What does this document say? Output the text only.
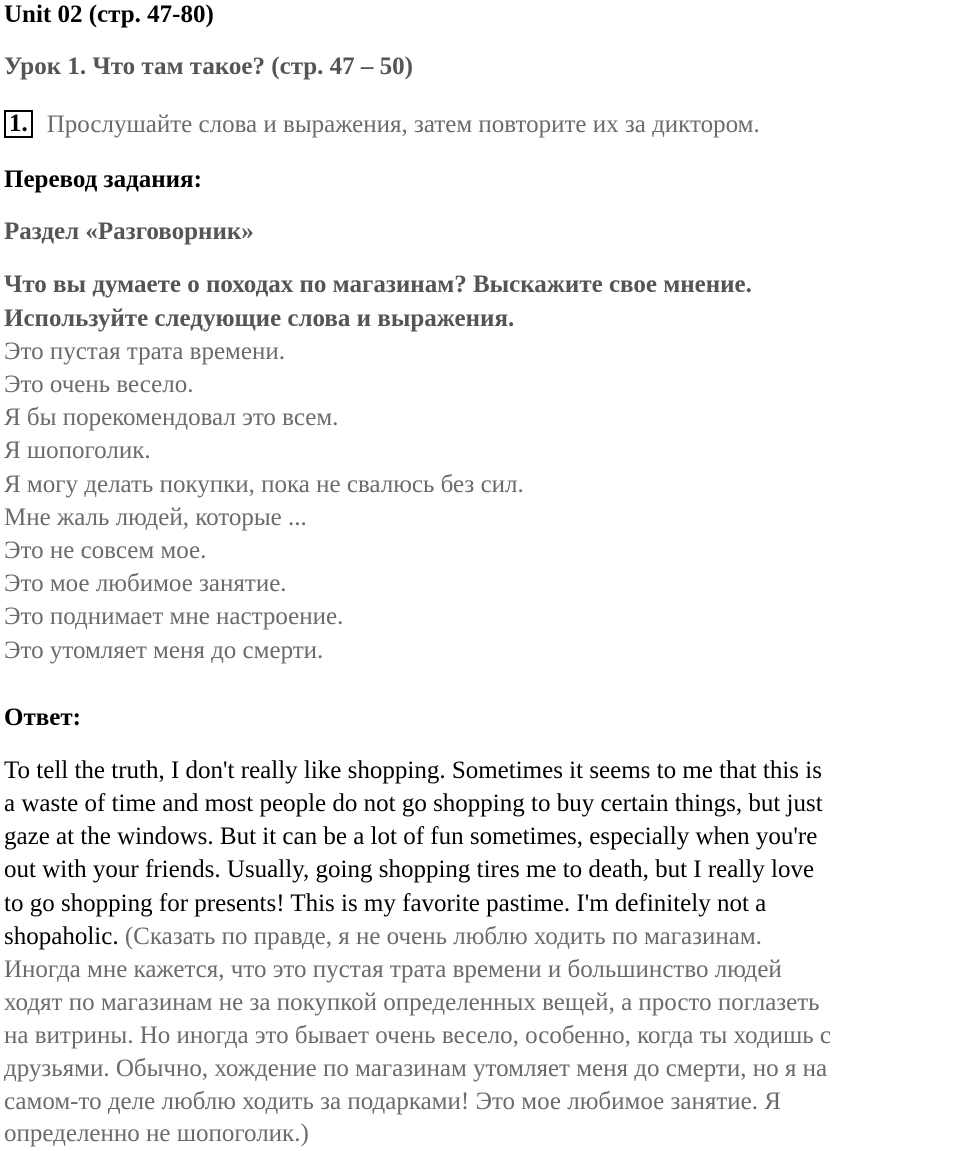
Unit 02 (стр. 47-80)
Урок 1. Что там такое? (стр. 47 – 50)
1. Прослушайте слова и выражения, затем повторите их за диктором.
Перевод задания:
Раздел «Разговорник»
Что вы думаете о походах по магазинам? Выскажите свое мнение.
Используйте следующие слова и выражения.
Это пустая трата времени.
Это очень весело.
Я бы порекомендовал это всем.
Я шопоголик.
Я могу делать покупки, пока не свалюсь без сил.
Мне жаль людей, которые ...
Это не совсем мое.
Это мое любимое занятие.
Это поднимает мне настроение.
Это утомляет меня до смерти.
Ответ:
To tell the truth, I don't really like shopping. Sometimes it seems to me that this is
a waste of time and most people do not go shopping to buy certain things, but just
gaze at the windows. But it can be a lot of fun sometimes, especially when you're
out with your friends. Usually, going shopping tires me to death, but I really love
to go shopping for presents! This is my favorite pastime. I'm definitely not a
shopaholic. (Сказать по правде, я не очень люблю ходить по магазинам.
Иногда мне кажется, что это пустая трата времени и большинство людей
ходят по магазинам не за покупкой определенных вещей, а просто поглазеть
на витрины. Но иногда это бывает очень весело, особенно, когда ты ходишь с
друзьями. Обычно, хождение по магазинам утомляет меня до смерти, но я на
самом-то деле люблю ходить за подарками! Это мое любимое занятие. Я
определенно не шопоголик.)
